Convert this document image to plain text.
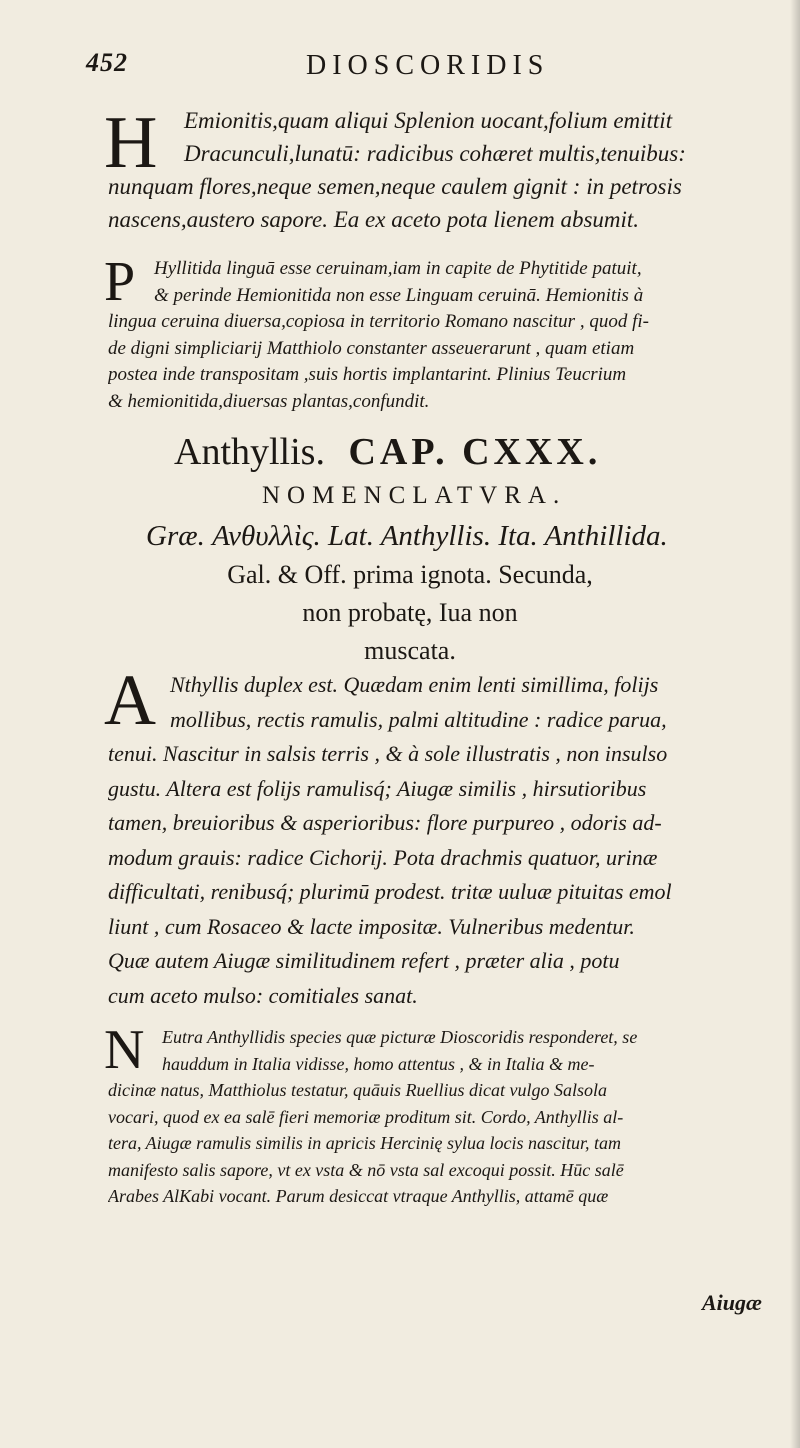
452	DIOSCORIDIS
H	Emionitis,quam aliqui Splenion uocant,folium emittit
Dracunculi,lunatū: radicibus cohæret multis,tenuibus:
nunquam flores,neque semen,neque caulem gignit : in petrosis
nascens,austero sapore. Ea ex aceto pota lienem absumit.
P Hyllitida linguā esse ceruinam,iam in capite de Phytitide patuit,
& perinde Hemionitida non esse Linguam ceruinā. Hemionitis à
lingua ceruina diuersa,copiosa in territorio Romano nascitur , quod fi-
de digni simpliciarij Matthiolo constanter asseuerarunt , quam etiam
postea inde transpositam ,suis hortis implantarint. Plinius Teucrium
& hemionitida,diuersas plantas,confundit.
Anthyllis. CAP. CXXX.
NOMENCLATVRA.
Græ. Ανθυλλὶς. Lat. Anthyllis. Ita. Anthillida.
Gal. & Off. prima ignota. Secunda,
non probatę, Iua non
muscata.
A Nthyllis duplex est. Quædam enim lenti simillima, folijs
mollibus, rectis ramulis, palmi altitudine : radice parua,
tenui. Nascitur in salsis terris , & à sole illustratis , non insulso
gustu. Altera est folijs ramulisq́; Aiugæ similis , hirsutioribus
tamen, breuioribus & asperioribus: flore purpureo , odoris ad-
modum grauis: radice Cichorij. Pota drachmis quatuor, urinæ
difficultati, renibusq́; plurimū prodest. tritæ uuluæ pituitas emol
liunt , cum Rosaceo & lacte impositæ. Vulneribus medentur.
Quæ autem Aiugæ similitudinem refert , præter alia , potu
cum aceto mulso: comitiales sanat.
N Eutra Anthyllidis species quæ picturæ Dioscoridis responderet, se
hauddum in Italia vidisse, homo attentus , & in Italia & me-
dicinæ natus, Matthiolus testatur, quāuis Ruellius dicat vulgo Salsola
vocari, quod ex ea salē fieri memoriæ proditum sit. Cordo, Anthyllis al-
tera, Aiugæ ramulis similis in apricis Hercinię sylua locis nascitur, tam
manifesto salis sapore, vt ex vsta & nō vsta sal excoqui possit. Hūc salē
Arabes AlKabi vocant. Parum desiccat vtraque Anthyllis, attamē quæ
Aiugæ
